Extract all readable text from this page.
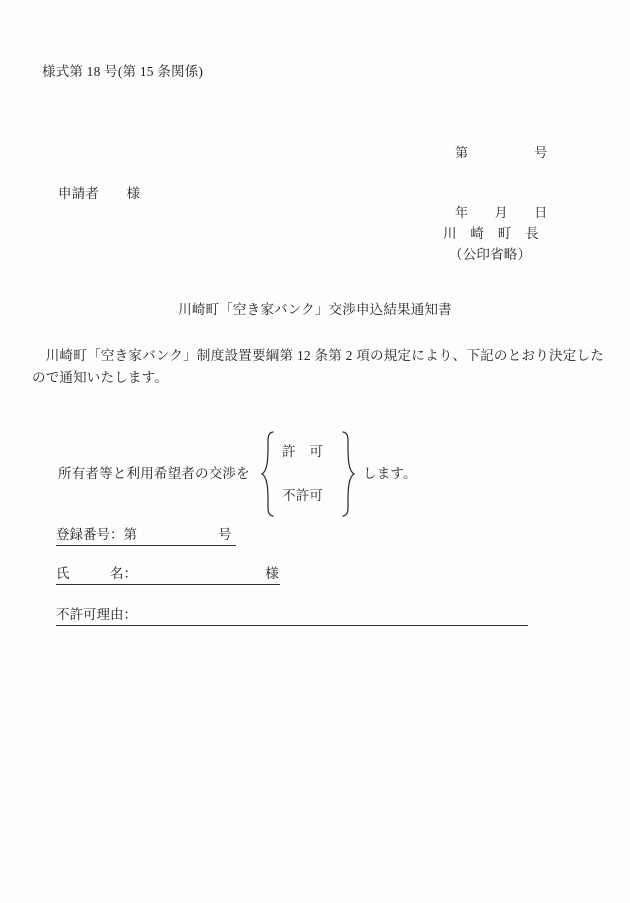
様式第 18 号(第 15 条関係)

第　　　　　号

年　　月　　日

申請者　　様
川　崎　町　長
（公印省略）
川崎町「空き家バンク」交渉申込結果通知書
　川崎町「空き家バンク」制度設置要綱第 12 条第 2 項の規定により、下記のとおり決定したので通知いたします。
所有者等と利用希望者の交渉を
許　可
不許可
します。
登録番号：第　　　　　　号
氏　　　名：　　　　　　　　　　様
不許可理由：
